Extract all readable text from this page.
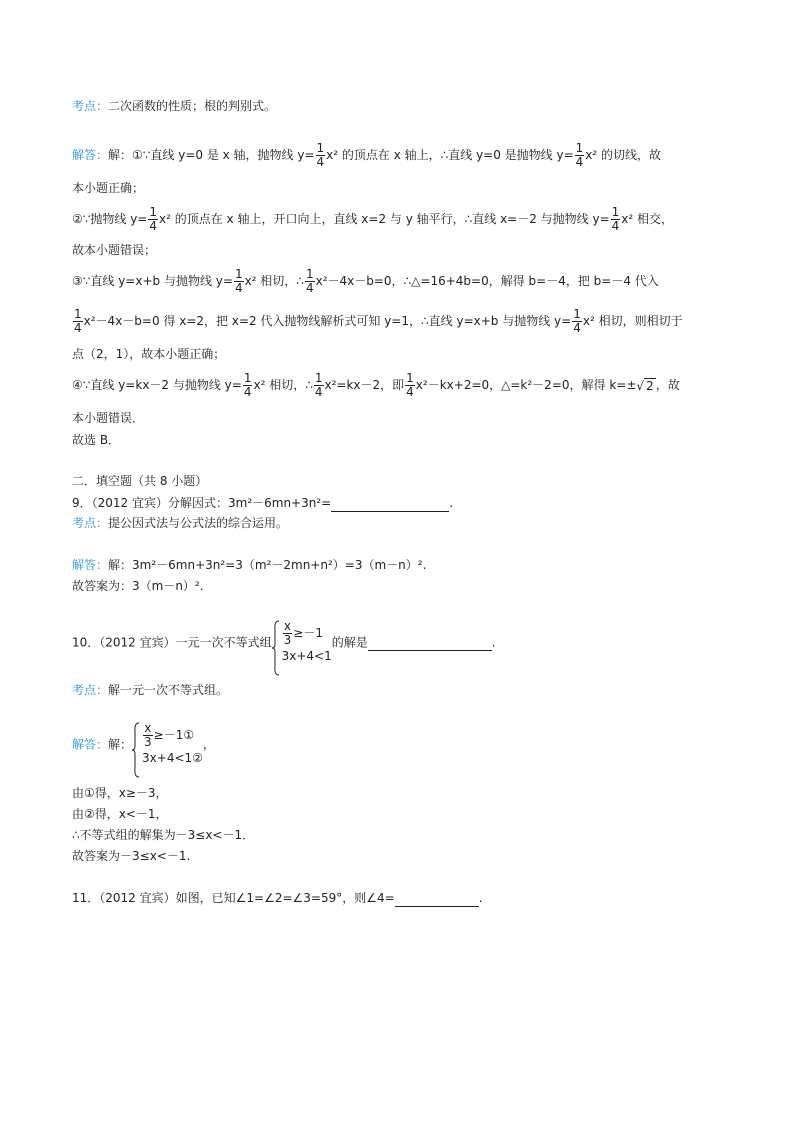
考点：二次函数的性质；根的判别式。
解答：解：①∵直线 y=0 是 x 轴，抛物线 $y= \frac{1}{4} x^2$ 的顶点在 x 轴上，∴直线 y=0 是抛物线 $y= \frac{1}{4} x^2$ 的切线，故
本小题正确；
②∵抛物线 $y= \frac{1}{4} x^2$ 的顶点在 x 轴上，开口向上，直线 x=2 与 y 轴平行，∴直线 x=－2 与抛物线 $y= \frac{1}{4} x^2$ 相交，
故本小题错误；
③∵直线 y=x+b 与抛物线 $y= \frac{1}{4} x^2$ 相切，∴ $\frac{1}{4} x^2-4x-b=0$，∴△=16+4b=0，解得 b=－4，把 b=－4 代入
$\frac{1}{4} x^2-4x-b=0$ 得 x=2，把 x=2 代入抛物线解析式可知 y=1，∴直线 y=x+b 与抛物线 $y= \frac{1}{4} x^2$ 相切，则相切于
点（2，1），故本小题正确；
④∵直线 y=kx－2 与抛物线 $y= \frac{1}{4} x^2$ 相切，∴ $\frac{1}{4} x^2=kx-2$，即 $\frac{1}{4} x^2-kx+2=0$，△=k²－2=0，解得 k=±√ 2 ，故
本小题错误．
故选 B．
二．填空题（共 8 小题）
9．（2012 宜宾）分解因式：3m²－6mn+3n²=	.
考点：提公因式法与公式法的综合运用。
解答：解：3m²－6mn+3n²=3（m²－2mn+n²）=3（m－n）².
故答案为：3（m－n）².
10．（2012 宜宾）一元一次不等式组 $\frac{x}{3} \ge-1$
3x+4<1
的解是	.
考点：解一元一次不等式组。
解答：解： $\frac{x}{3}$ ≥－1①
3x+4<1②
，
由①得，x≥－3，
由②得，x<－1，
∴不等式组的解集为－3≤x<－1．
故答案为－3≤x<－1.
11．（2012 宜宾）如图，已知∠1=∠2=∠3=59°，则∠4=	.
